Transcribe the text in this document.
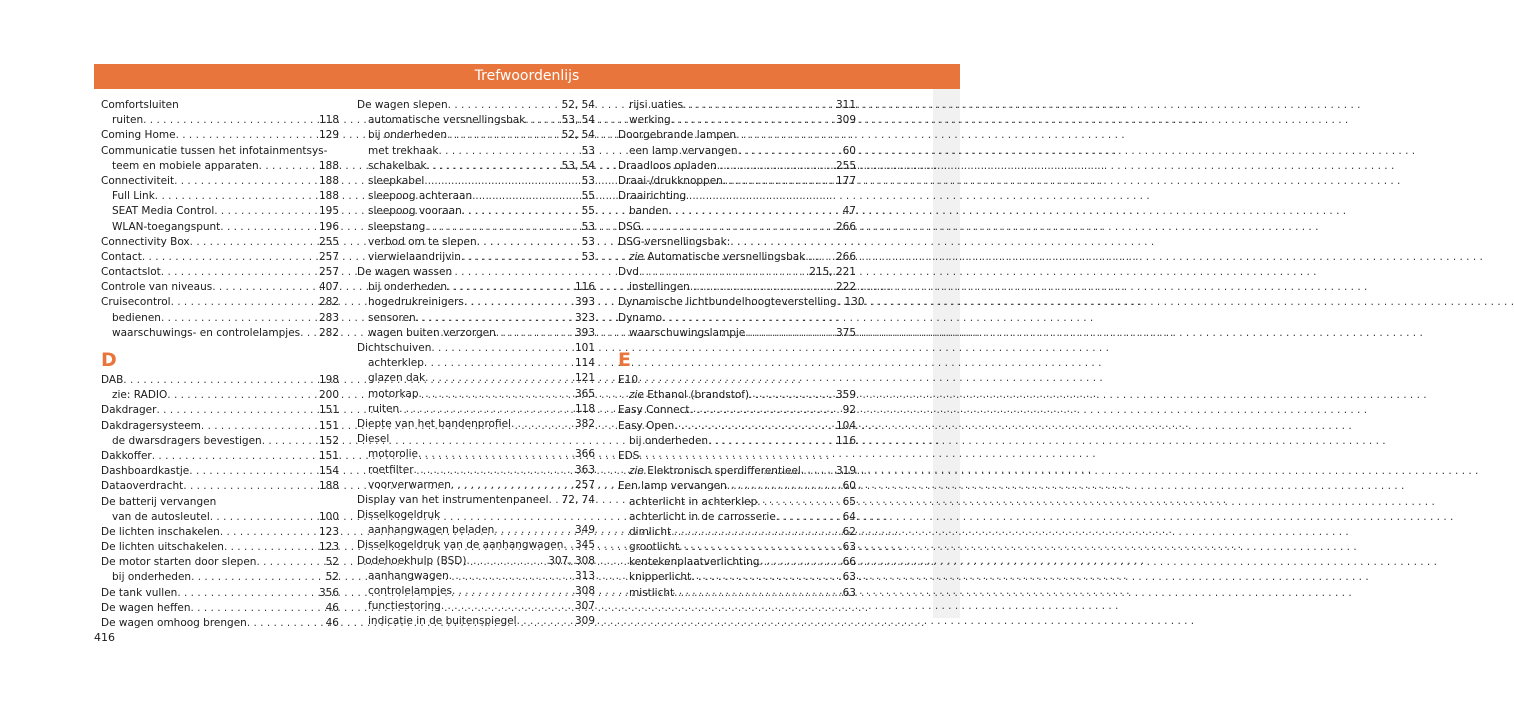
Trefwoordenlijs
Comfortsluiten
ruiten . . .	118
Coming Home . . .	129
Communicatie tussen het infotainmentsys-
teem en mobiele apparaten . . .	188
Connectiviteit . . .	188
Full Link . . .	188
SEAT Media Control . . .	195
WLAN-toegangspunt . . .	196
Connectivity Box . . .	255
Contact . . .	257
Contactslot . . .	257
Controle van niveaus . . .	407
Cruisecontrol . . .	282
bedienen . . .	283
waarschuwings- en controlelampjes . . . 282
D
DAB . . .	198
zie: RADIO . . .	200
Dakdrager . . .	151
Dakdragersysteem . . .	151
de dwarsdragers bevestigen . . .	152
Dakkoffer . . .	151
Dashboardkastje . . .	154
Dataoverdracht . . .	188
De batterij vervangen
van de autosleutel . . .	100
De lichten inschakelen . . .	123
De lichten uitschakelen . . .	123
De motor starten door slepen . . .	52
bij onderheden . . .	52
De tank vullen . . .	356
De wagen heffen . . .	46
De wagen omhoog brengen . . .	46
De wagen slepen . . .	52, 54
automatische versnellingsbak . . .	53, 54
bij onderheden . . .	52, 54
met trekhaak . . .	53
schakelbak . . .	53, 54
sleepkabel . . .	53
sleepoog achteraan . . .	55
sleepoog vooraan . . .	55
sleepstang . . .	53
verbod om te slepen . . .	53
vierwielaandrijvin . . .	53
De wagen wassen
bij onderheden . . .	116
hogedrukreinigers . . .	393
sensoren . . .	323
wagen buiten verzorgen . . .	393
Dichtschuiven . . .	101
achterklep . . .	114
glazen dak . . .	121
motorkap . . .	365
ruiten . . .	118
Diepte van het bandenprofiel . . .	382
Diesel
motorolie . . .	366
roetfilter . . .	363
voorverwarmen . . .	257
Display van het instrumentenpaneel . . . 72, 74
Disselkogeldruk
aanhangwagen beladen . . .	349
Disselkogeldruk van de aanhangwagen . . . 345
Dodehoekhulp (BSD) . . .	307, 308
aanhangwagen . . .	313
controlelampjes . . .	308
functiestoring . . .	307
indicatie in de buitenspiegel . . .	309
rijsi uaties . . .	311
werking . . .	309
Doorgebrande lampen
een lamp vervangen . . .	60
Draadloos opladen . . .	255
Draai-/drukknoppen . . .	177
Draairichting
banden . . .	47
DSG . . .	266
DSG-versnellingsbak:
zie Automatische versnellingsbak . . .	266
Dvd . . .	215, 221
instellingen . . .	222
Dynamische lichtbundelhoogteverstelling . . . 130
Dynamo
waarschuwingslampje . . .	375
E
E10
zie Ethanol (brandstof) . . .	359
Easy Connect . . .	92
Easy Open . . .	104
bij onderheden . . .	116
EDS
zie Elektronisch sperdifferentieel . . .	319
Een lamp vervangen . . .	60
achterlicht in achterklep . . .	65
achterlicht in de carrosserie . . .	64
dimlicht . . .	62
grootlicht . . .	63
kentekenplaatverlichting . . .	66
knipperlicht . . .	63
mistlicht . . .	63
416
